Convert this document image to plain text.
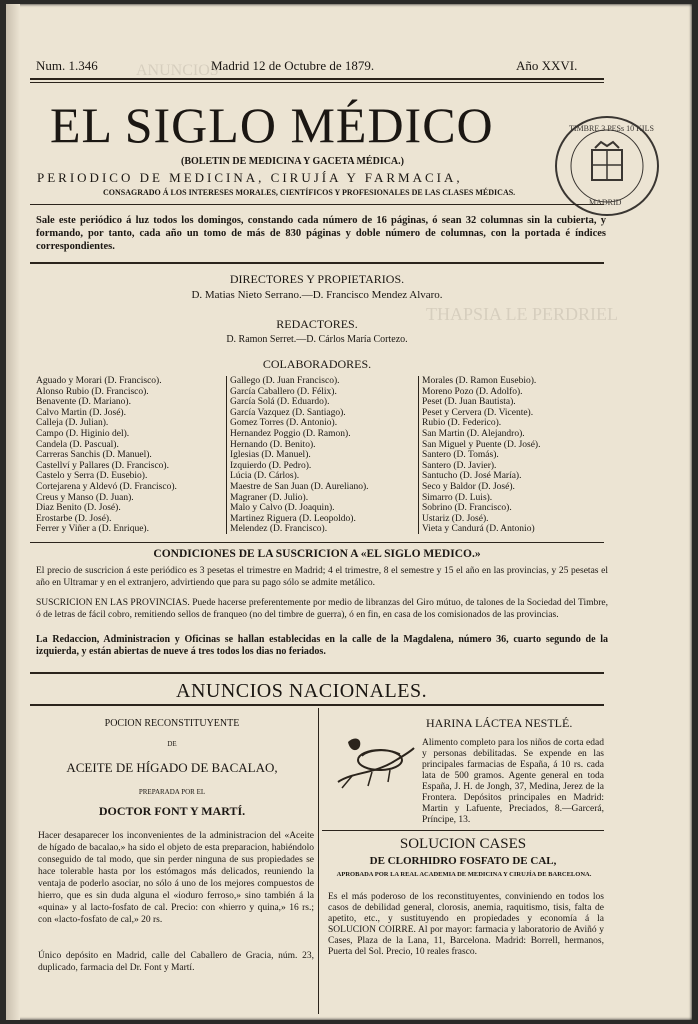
ANUNCIOS
THAPSIA LE PERDRIEL
Num. 1.346	Madrid 12 de Octubre de 1879.	Año XXVI.
EL SIGLO MÉDICO
(BOLETIN DE MEDICINA Y GACETA MÉDICA.)
PERIODICO DE MEDICINA, CIRUJÍA Y FARMACIA,
CONSAGRADO Á LOS INTERESES MORALES, CIENTÍFICOS Y PROFESIONALES DE LAS CLASES MÉDICAS.
TIMBRE 3 PESs 10 KILS
MADRID
Sale este periódico á luz todos los domingos, constando cada número de 16 páginas, ó sean 32 columnas sin la cubierta, y formando, por tanto, cada año un tomo de más de 830 páginas y doble número de columnas, con la portada é índices correspondientes.
DIRECTORES Y PROPIETARIOS.
D. Matias Nieto Serrano.—D. Francisco Mendez Alvaro.
REDACTORES.
D. Ramon Serret.—D. Cárlos María Cortezo.
COLABORADORES.
Aguado y Morari (D. Francisco).
Alonso Rubio (D. Francisco).
Benavente (D. Mariano).
Calvo Martin (D. José).
Calleja (D. Julian).
Campo (D. Higinio del).
Candela (D. Pascual).
Carreras Sanchis (D. Manuel).
Castellví y Pallares (D. Francisco).
Castelo y Serra (D. Eusebio).
Cortejarena y Aldevó (D. Francisco).
Creus y Manso (D. Juan).
Diaz Benito (D. José).
Erostarbe (D. José).
Ferrer y Viñer a (D. Enrique).
Gallego (D. Juan Francisco).
García Caballero (D. Félix).
García Solá (D. Eduardo).
García Vazquez (D. Santiago).
Gomez Torres (D. Antonio).
Hernandez Poggio (D. Ramon).
Hernando (D. Benito).
Iglesias (D. Manuel).
Izquierdo (D. Pedro).
Lúcia (D. Cárlos).
Maestre de San Juan (D. Aureliano).
Magraner (D. Julio).
Malo y Calvo (D. Joaquin).
Martinez Riguera (D. Leopoldo).
Melendez (D. Francisco).
Morales (D. Ramon Eusebio).
Moreno Pozo (D. Adolfo).
Peset (D. Juan Bautista).
Peset y Cervera (D. Vicente).
Rubio (D. Federico).
San Martin (D. Alejandro).
San Miguel y Puente (D. José).
Santero (D. Tomás).
Santero (D. Javier).
Santucho (D. José María).
Seco y Baldor (D. José).
Simarro (D. Luis).
Sobrino (D. Francisco).
Ustariz (D. José).
Vieta y Candurá (D. Antonio)
CONDICIONES DE LA SUSCRICION A «EL SIGLO MEDICO.»
El precio de suscricion á este periódico es 3 pesetas el trimestre en Madrid; 4 el trimestre, 8 el semestre y 15 el año en las provincias, y 25 pesetas el año en Ultramar y en el extranjero, advirtiendo que para su pago sólo se admite metálico.
SUSCRICION EN LAS PROVINCIAS. Puede hacerse preferentemente por medio de libranzas del Giro mútuo, de talones de la Sociedad del Timbre, ó de letras de fácil cobro, remitiendo sellos de franqueo (no del timbre de guerra), ó en fin, en casa de los comisionados de las provincias.
La Redaccion, Administracion y Oficinas se hallan establecidas en la calle de la Magdalena, número 36, cuarto segundo de la izquierda, y están abiertas de nueve á tres todos los dias no feriados.
ANUNCIOS NACIONALES.
POCION RECONSTITUYENTE
DE
ACEITE DE HÍGADO DE BACALAO,
PREPARADA POR EL
DOCTOR FONT Y MARTÍ.
Hacer desaparecer los inconvenientes de la administracion del «Aceite de hígado de bacalao,» ha sido el objeto de esta preparacion, habiéndolo conseguido de tal modo, que sin perder ninguna de sus propiedades se hace tolerable hasta por los estómagos más delicados, reuniendo la ventaja de poderlo asociar, no sólo á uno de los mejores compuestos de hierro, que es sin duda alguna el «ioduro ferroso,» sino también á la «quina» y al lacto-fosfato de cal. Precio: con «hierro y quina,» 16 rs.; con «lacto-fosfato de cal,» 20 rs.
Único depósito en Madrid, calle del Caballero de Gracia, núm. 23, duplicado, farmacia del Dr. Font y Martí.
HARINA LÁCTEA NESTLÉ.
Alimento completo para los niños de corta edad y personas debilitadas. Se expende en las principales farmacias de España, á 10 rs. cada lata de 500 gramos. Agente general en toda España, J. H. de Jongh, 37, Medina, Jerez de la Frontera. Depósitos principales en Madrid: Martin y Lafuente, Preciados, 8.—Garcerá, Príncipe, 13.
SOLUCION CASES
DE CLORHIDRO FOSFATO DE CAL,
APROBADA POR LA REAL ACADEMIA DE MEDICINA Y CIRUJÍA DE BARCELONA.
Es el más poderoso de los reconstituyentes, conviniendo en todos los casos de debilidad general, clorosis, anemia, raquitismo, tisis, falta de apetito, etc., y sustituyendo en propiedades y economía á la SOLUCION COIRRE. Al por mayor: farmacia y laboratorio de Aviñó y Cases, Plaza de la Lana, 11, Barcelona. Madrid: Borrell, hermanos, Puerta del Sol. Precio, 10 reales frasco.
